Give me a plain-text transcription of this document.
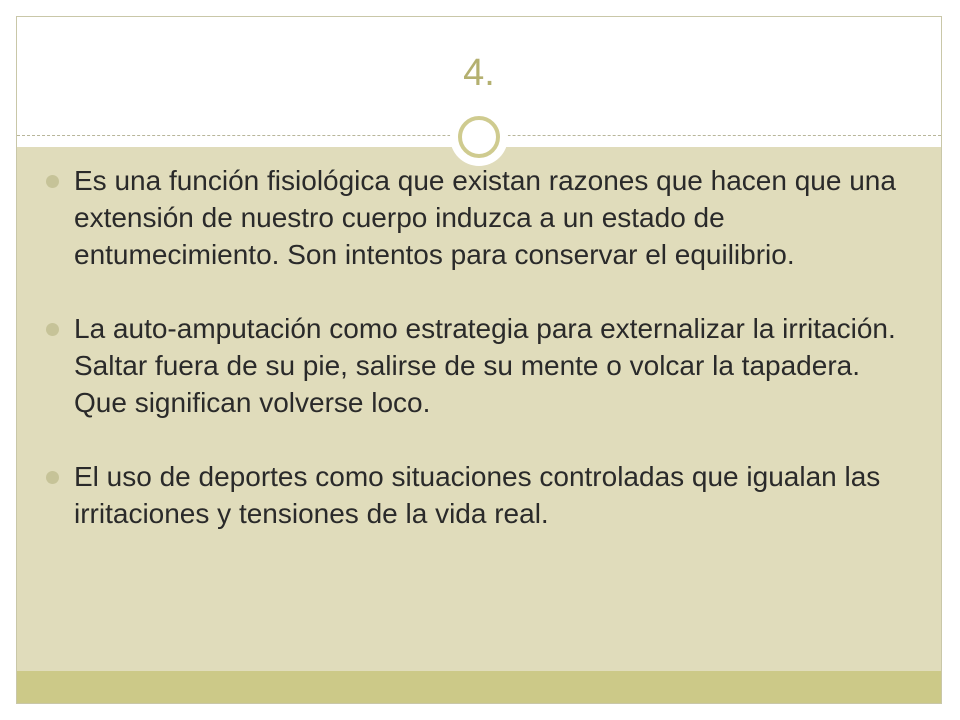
4.
Es una función fisiológica que existan razones que hacen que una extensión de nuestro cuerpo induzca a un estado de entumecimiento. Son intentos para conservar el equilibrio.
La auto-amputación como estrategia para externalizar la irritación. Saltar fuera de su pie, salirse de su mente o volcar la tapadera. Que significan volverse loco.
El uso de deportes como situaciones controladas que igualan las irritaciones y tensiones de la vida real.
